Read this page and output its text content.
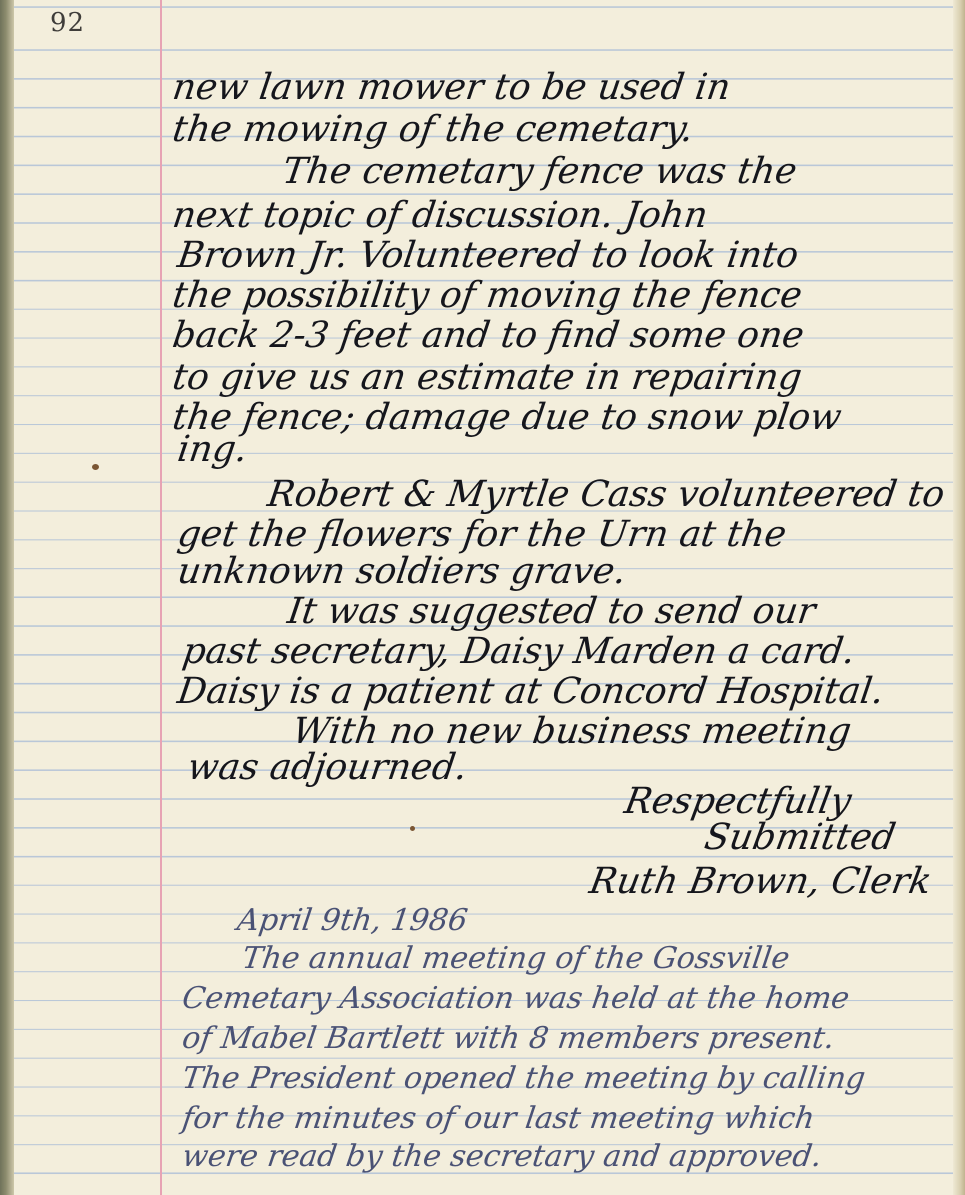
92

new lawn mower to be used in

the mowing of the cemetary.

The cemetary fence was the

next topic of discussion. John

Brown Jr. Volunteered to look into

the possibility of moving the fence

back 2-3 feet and to find some one

to give us an estimate in repairing

the fence; damage due to snow plow

ing.

Robert & Myrtle Cass volunteered to

get the flowers for the Urn at the

unknown soldiers grave.

It was suggested to send our

past secretary, Daisy Marden a card.

Daisy is a patient at Concord Hospital.

With no new business meeting

was adjourned.

Respectfully

Submitted

Ruth Brown, Clerk

April 9th, 1986

The annual meeting of the Gossville

Cemetary Association was held at the home

of Mabel Bartlett with 8 members present.

The President opened the meeting by calling

for the minutes of our last meeting which

were read by the secretary and approved.
